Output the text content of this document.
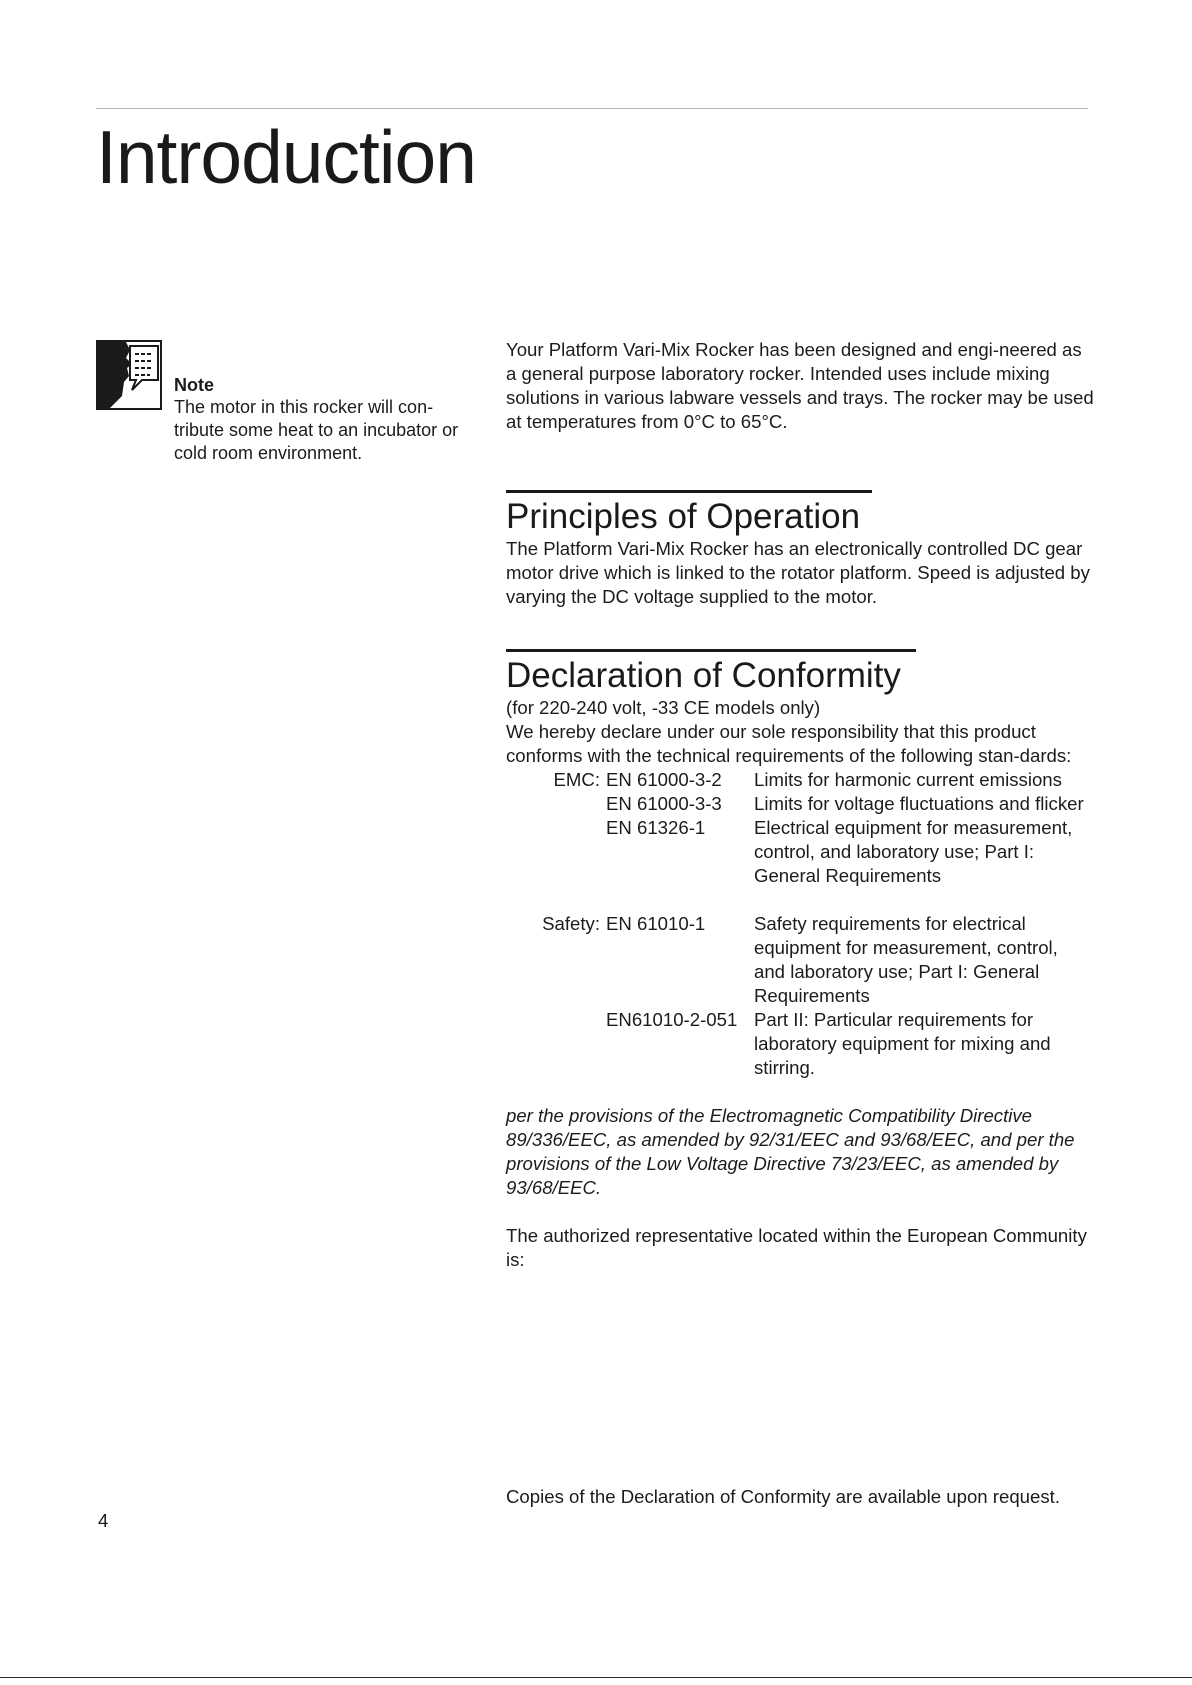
Introduction
Note
The motor in this rocker will con-tribute some heat to an incubator or cold room environment.

Your Platform Vari-Mix Rocker has been designed and engi-neered as a general purpose laboratory rocker. Intended uses include mixing solutions in various labware vessels and trays. The rocker may be used at temperatures from 0°C to 65°C.

Principles of Operation

The Platform Vari-Mix Rocker has an electronically controlled DC gear motor drive which is linked to the rotator platform. Speed is adjusted by varying the DC voltage supplied to the motor.

Declaration of Conformity

(for 220-240 volt, -33 CE models only)

We hereby declare under our sole responsibility that this product conforms with the technical requirements of the following stan-dards:

EMC:	EN 61000-3-2	Limits for harmonic current emissions
	EN 61000-3-3	Limits for voltage fluctuations and flicker
	EN 61326-1	Electrical equipment for measurement, control, and laboratory use; Part I: General Requirements

Safety:	EN 61010-1	Safety requirements for electrical equipment for measurement, control, and laboratory use; Part I: General Requirements
	EN61010-2-051	Part II: Particular requirements for laboratory equipment for mixing and stirring.

per the provisions of the Electromagnetic Compatibility Directive 89/336/EEC, as amended by 92/31/EEC and 93/68/EEC, and per the provisions of the Low Voltage Directive 73/23/EEC, as amended by 93/68/EEC.

The authorized representative located within the European Community is:

Copies of the Declaration of Conformity are available upon request.

4
